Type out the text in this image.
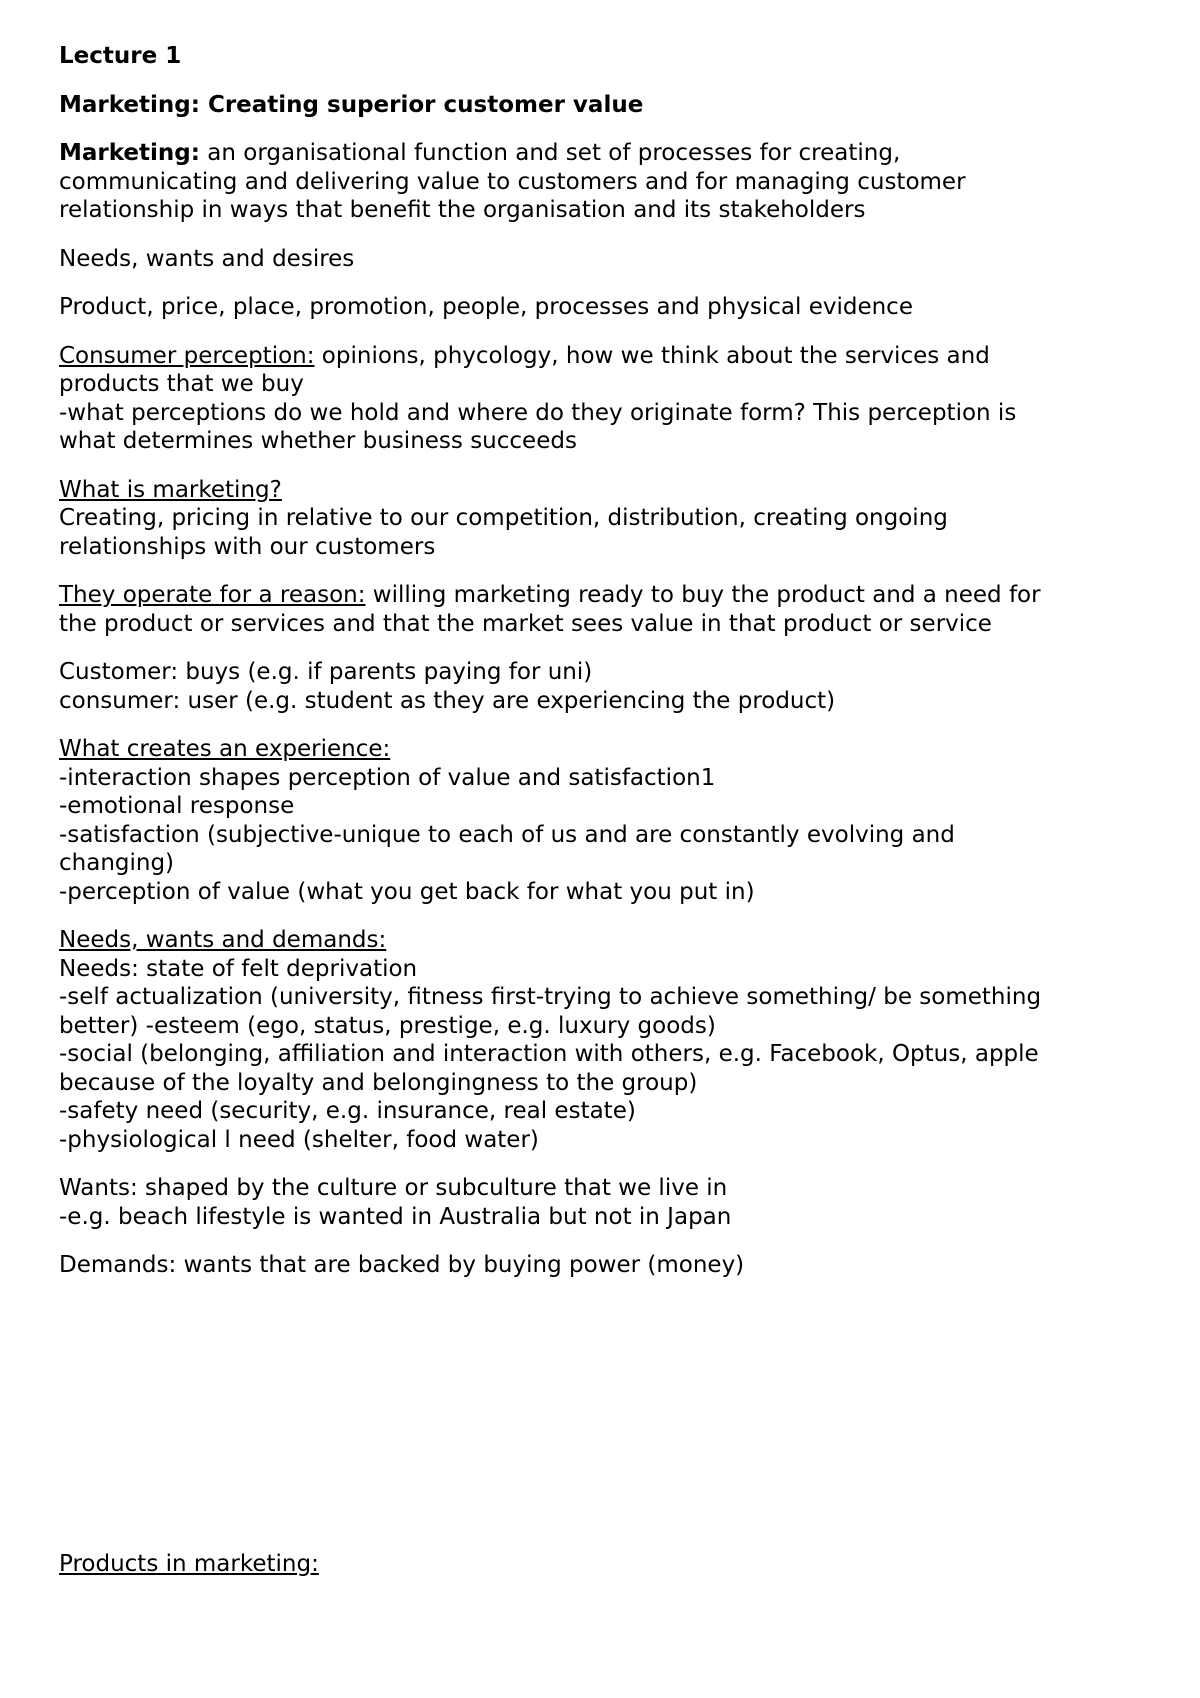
Lecture 1

Marketing: Creating superior customer value

Marketing: an organisational function and set of processes for creating,
communicating and delivering value to customers and for managing customer
relationship in ways that benefit the organisation and its stakeholders

Needs, wants and desires

Product, price, place, promotion, people, processes and physical evidence

Consumer perception: opinions, phycology, how we think about the services and
products that we buy
-what perceptions do we hold and where do they originate form? This perception is
what determines whether business succeeds

What is marketing?
Creating, pricing in relative to our competition, distribution, creating ongoing
relationships with our customers

They operate for a reason: willing marketing ready to buy the product and a need for
the product or services and that the market sees value in that product or service

Customer: buys (e.g. if parents paying for uni)
consumer: user (e.g. student as they are experiencing the product)

What creates an experience:
-interaction shapes perception of value and satisfaction1
-emotional response
-satisfaction (subjective-unique to each of us and are constantly evolving and
changing)
-perception of value (what you get back for what you put in)

Needs, wants and demands:
Needs: state of felt deprivation
-self actualization (university, fitness first-trying to achieve something/ be something
better) -esteem (ego, status, prestige, e.g. luxury goods)
-social (belonging, affiliation and interaction with others, e.g. Facebook, Optus, apple
because of the loyalty and belongingness to the group)
-safety need (security, e.g. insurance, real estate)
-physiological l need (shelter, food water)

Wants: shaped by the culture or subculture that we live in
-e.g. beach lifestyle is wanted in Australia but not in Japan

Demands: wants that are backed by buying power (money)

Products in marketing:
